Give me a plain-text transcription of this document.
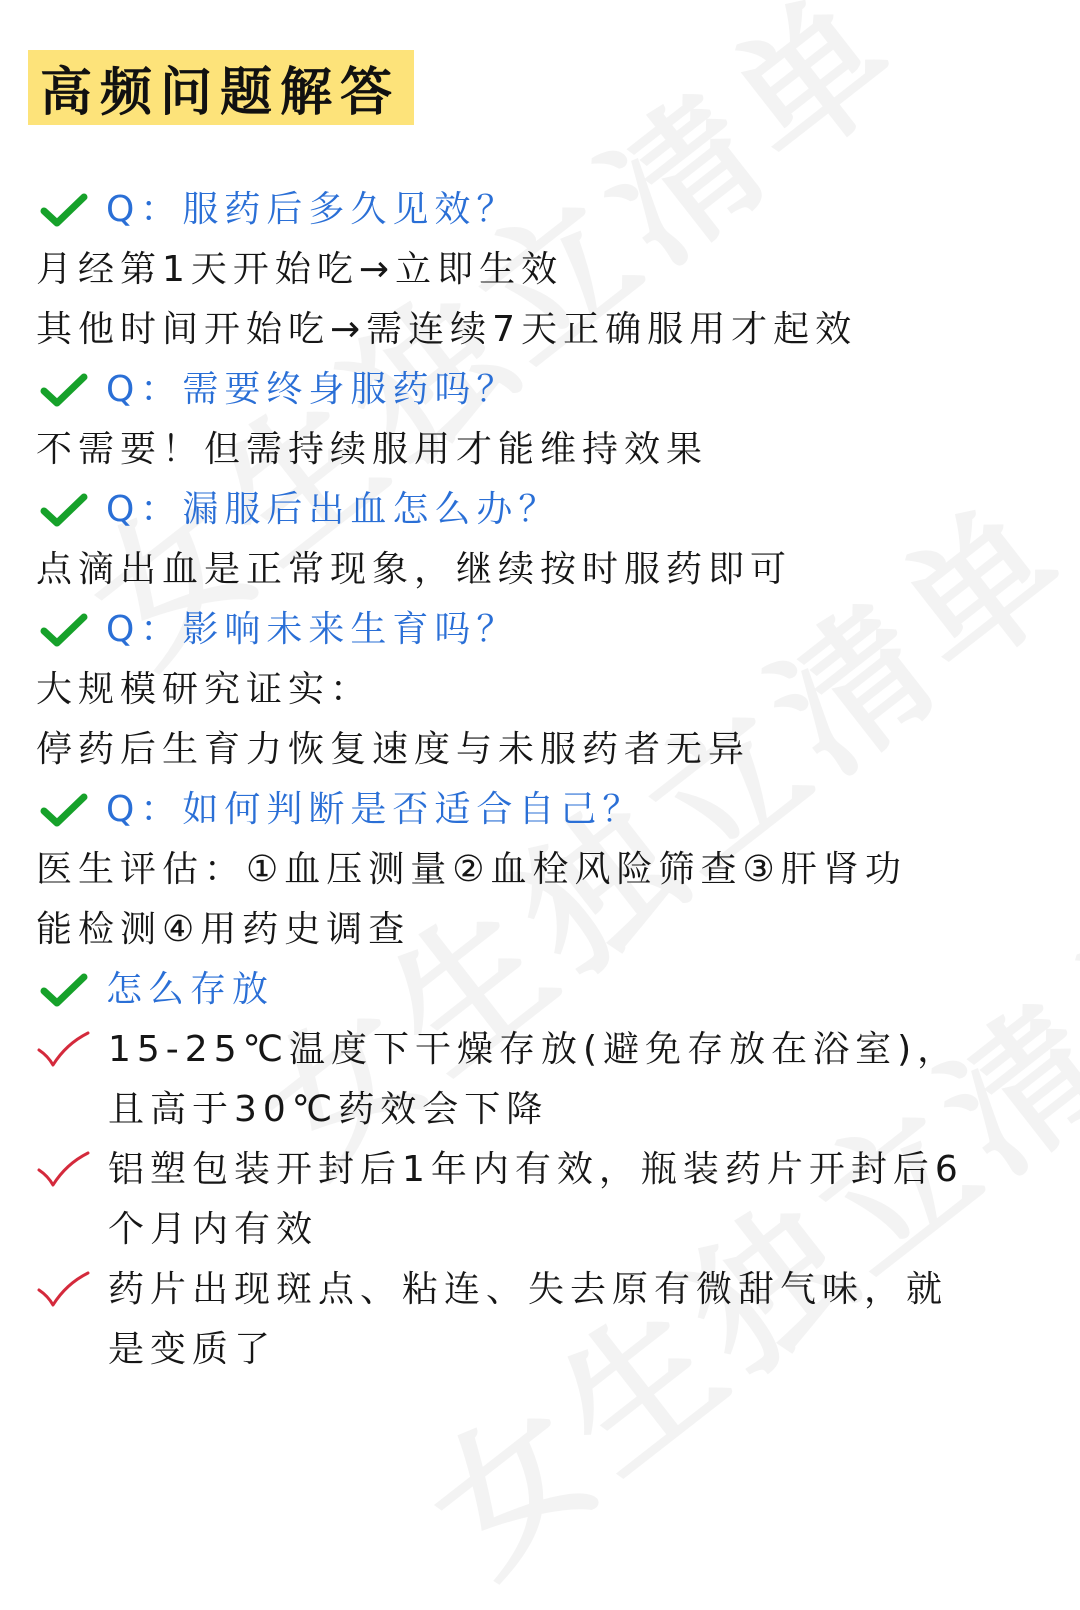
高频问题解答
Q：服药后多久见效？
月经第1天开始吃→立即生效
其他时间开始吃→需连续7天正确服用才起效
Q：需要终身服药吗？
不需要！但需持续服用才能维持效果
Q：漏服后出血怎么办？
点滴出血是正常现象，继续按时服药即可
Q：影响未来生育吗？
大规模研究证实：
停药后生育力恢复速度与未服药者无异
Q：如何判断是否适合自己？
医生评估：①血压测量②血栓风险筛查③肝肾功
能检测④用药史调查
怎么存放
15-25℃温度下干燥存放(避免存放在浴室)，
且高于30℃药效会下降
铝塑包装开封后1年内有效，瓶装药片开封后6
个月内有效
药片出现斑点、粘连、失去原有微甜气味，就
是变质了
